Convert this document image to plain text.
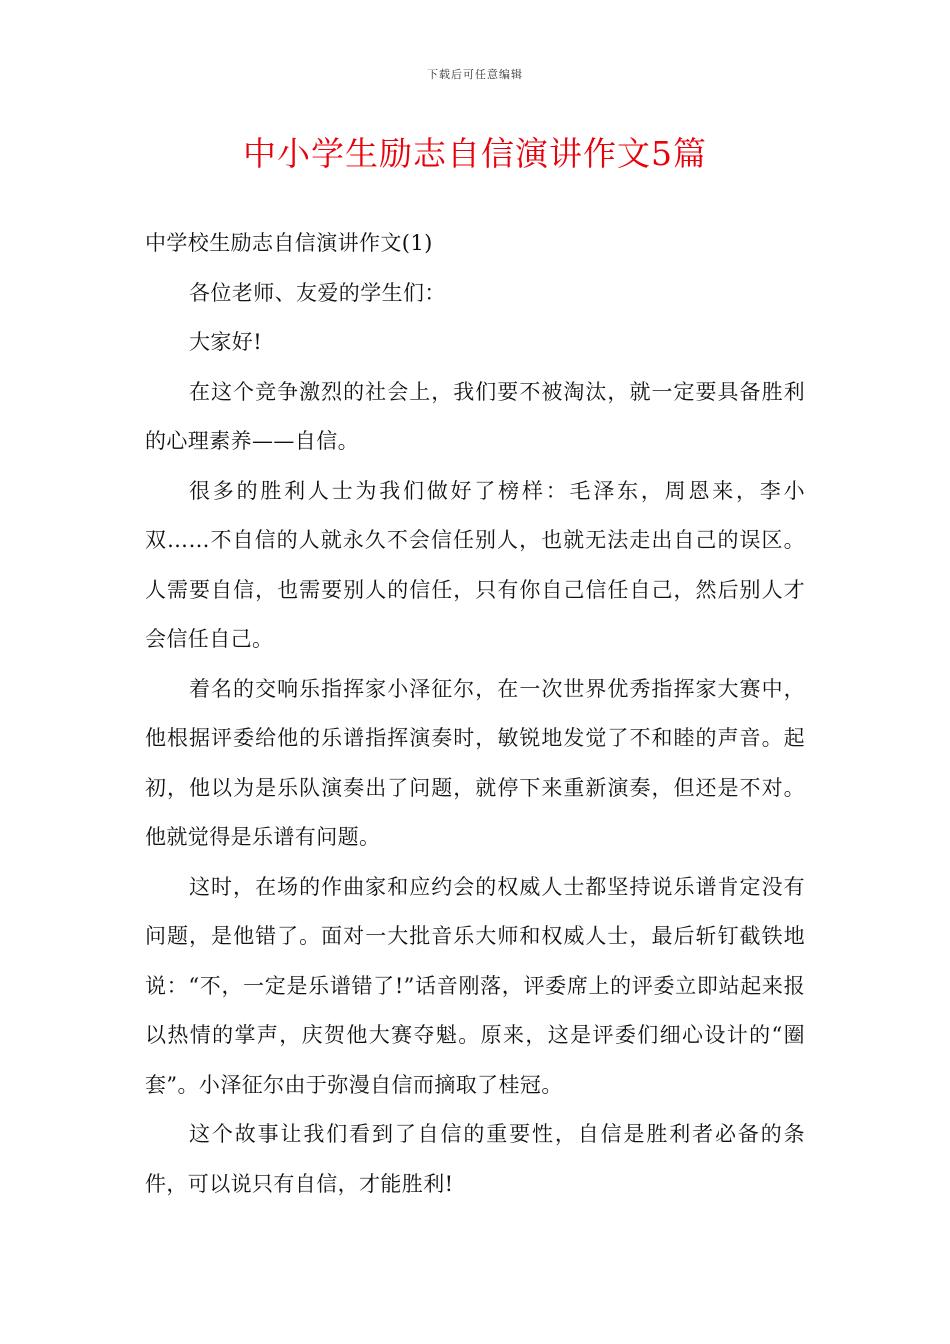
下载后可任意编辑
中小学生励志自信演讲作文5篇

中学校生励志自信演讲作文(1)

各位老师、友爱的学生们：

大家好!

在这个竞争激烈的社会上，我们要不被淘汰，就一定要具备胜利的心理素养——自信。

很多的胜利人士为我们做好了榜样：毛泽东，周恩来，李小双……不自信的人就永久不会信任别人，也就无法走出自己的误区。人需要自信，也需要别人的信任，只有你自己信任自己，然后别人才会信任自己。

着名的交响乐指挥家小泽征尔，在一次世界优秀指挥家大赛中，他根据评委给他的乐谱指挥演奏时，敏锐地发觉了不和睦的声音。起初，他以为是乐队演奏出了问题，就停下来重新演奏，但还是不对。他就觉得是乐谱有问题。

这时，在场的作曲家和应约会的权威人士都坚持说乐谱肯定没有问题，是他错了。面对一大批音乐大师和权威人士，最后斩钉截铁地说：“不，一定是乐谱错了!”话音刚落，评委席上的评委立即站起来报以热情的掌声，庆贺他大赛夺魁。原来，这是评委们细心设计的“圈套”。小泽征尔由于弥漫自信而摘取了桂冠。

这个故事让我们看到了自信的重要性，自信是胜利者必备的条件，可以说只有自信，才能胜利!
